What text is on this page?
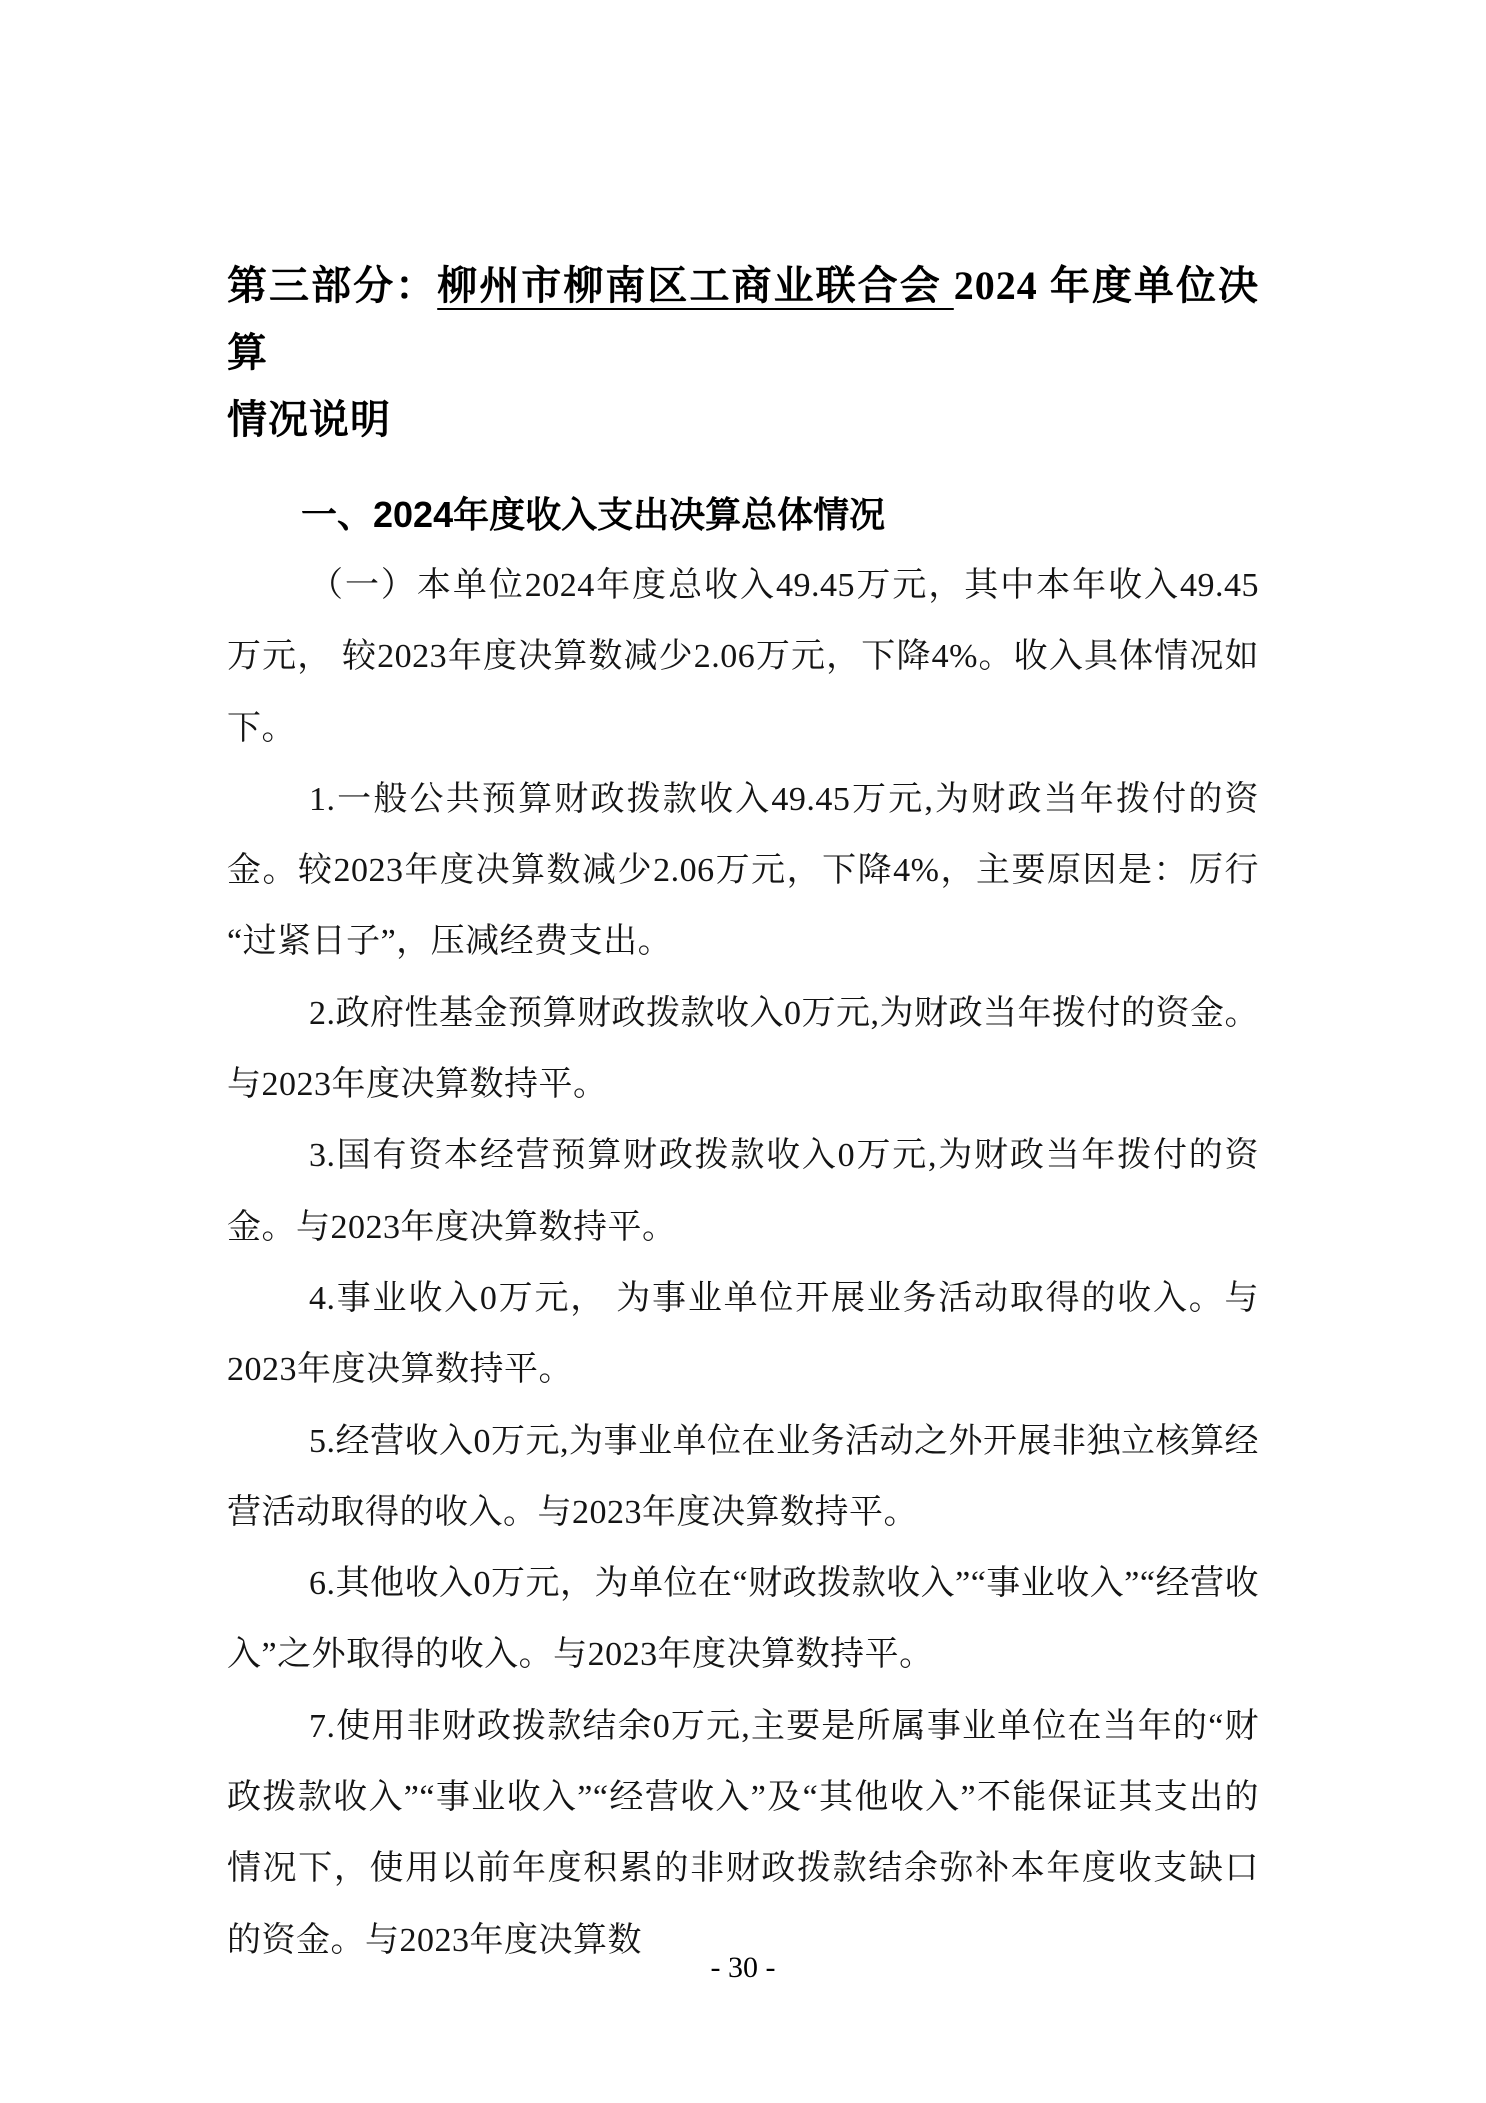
第三部分：柳州市柳南区工商业联合会 2024 年度单位决算
情况说明
一、2024年度收入支出决算总体情况

（一）本单位2024年度总收入49.45万元，其中本年收入49.45万元， 较2023年度决算数减少2.06万元，下降4%。收入具体情况如下。

1.一般公共预算财政拨款收入49.45万元,为财政当年拨付的资金。较2023年度决算数减少2.06万元，下降4%，主要原因是：厉行“过紧日子”，压减经费支出。

2.政府性基金预算财政拨款收入0万元,为财政当年拨付的资金。与2023年度决算数持平。

3.国有资本经营预算财政拨款收入0万元,为财政当年拨付的资金。与2023年度决算数持平。

4.事业收入0万元， 为事业单位开展业务活动取得的收入。与2023年度决算数持平。

5.经营收入0万元,为事业单位在业务活动之外开展非独立核算经营活动取得的收入。与2023年度决算数持平。

6.其他收入0万元，为单位在“财政拨款收入”“事业收入”“经营收入”之外取得的收入。与2023年度决算数持平。

7.使用非财政拨款结余0万元,主要是所属事业单位在当年的“财政拨款收入”“事业收入”“经营收入”及“其他收入”不能保证其支出的情况下，使用以前年度积累的非财政拨款结余弥补本年度收支缺口的资金。与2023年度决算数

- 30 -
